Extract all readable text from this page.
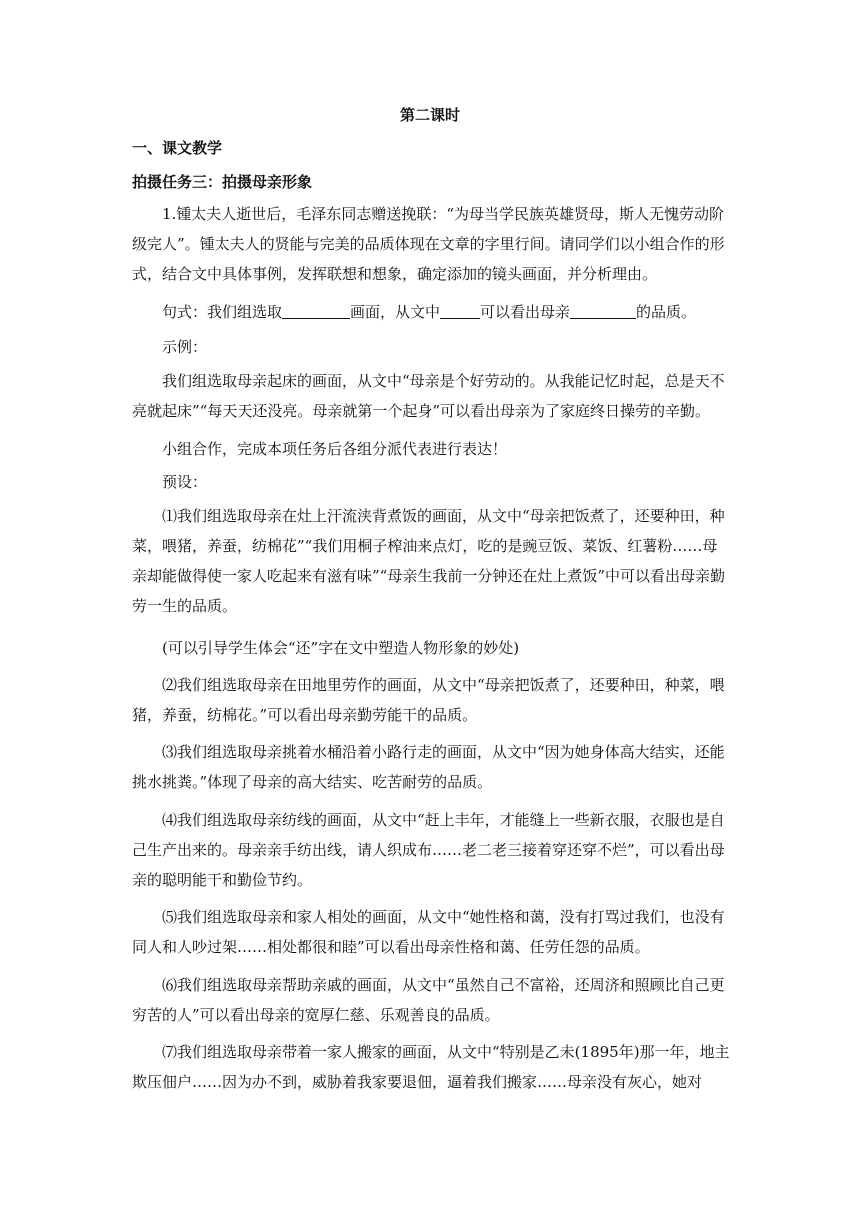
第二课时
一、课文教学
拍摄任务三：拍摄母亲形象

1.锺太夫人逝世后，毛泽东同志赠送挽联：“为母当学民族英雄贤母，斯人无愧劳动阶级完人”。锺太夫人的贤能与完美的品质体现在文章的字里行间。请同学们以小组合作的形式，结合文中具体事例，发挥联想和想象，确定添加的镜头画面，并分析理由。

句式：我们组选取	画面，从文中	可以看出母亲	的品质。

示例：

我们组选取母亲起床的画面，从文中“母亲是个好劳动的。从我能记忆时起，总是天不亮就起床”“每天天还没亮。母亲就第一个起身”可以看出母亲为了家庭终日操劳的辛勤。

小组合作，完成本项任务后各组分派代表进行表达！

预设：

⑴我们组选取母亲在灶上汗流浃背煮饭的画面，从文中“母亲把饭煮了，还要种田，种菜，喂猪，养蚕，纺棉花”“我们用桐子榨油来点灯，吃的是豌豆饭、菜饭、红薯粉……母亲却能做得使一家人吃起来有滋有味”“母亲生我前一分钟还在灶上煮饭”中可以看出母亲勤劳一生的品质。

(可以引导学生体会“还”字在文中塑造人物形象的妙处)

⑵我们组选取母亲在田地里劳作的画面，从文中“母亲把饭煮了，还要种田，种菜，喂猪，养蚕，纺棉花。”可以看出母亲勤劳能干的品质。

⑶我们组选取母亲挑着水桶沿着小路行走的画面，从文中“因为她身体高大结实，还能挑水挑粪。”体现了母亲的高大结实、吃苦耐劳的品质。

⑷我们组选取母亲纺线的画面，从文中“赶上丰年，才能缝上一些新衣服，衣服也是自己生产出来的。母亲亲手纺出线，请人织成布……老二老三接着穿还穿不烂”，可以看出母亲的聪明能干和勤俭节约。

⑸我们组选取母亲和家人相处的画面，从文中“她性格和蔼，没有打骂过我们，也没有同人和人吵过架……相处都很和睦”可以看出母亲性格和蔼、任劳任怨的品质。

⑹我们组选取母亲帮助亲戚的画面，从文中“虽然自己不富裕，还周济和照顾比自己更穷苦的人”可以看出母亲的宽厚仁慈、乐观善良的品质。

⑺我们组选取母亲带着一家人搬家的画面，从文中“特别是乙未(1895年)那一年，地主欺压佃户……因为办不到，威胁着我家要退佃，逼着我们搬家……母亲没有灰心，她对
